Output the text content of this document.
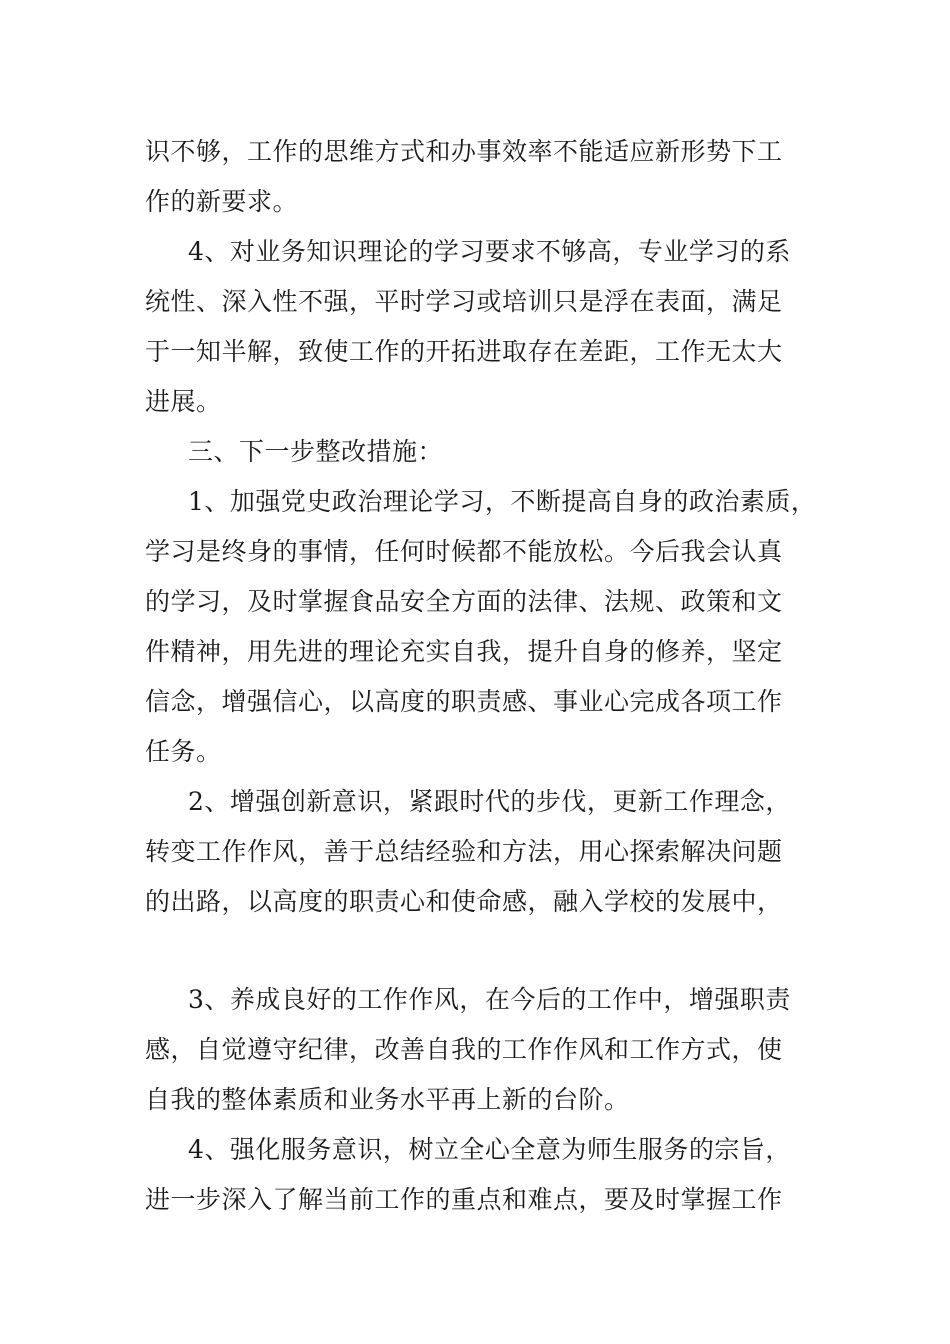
识不够，工作的思维方式和办事效率不能适应新形势下工
作的新要求。
4、对业务知识理论的学习要求不够高，专业学习的系
统性、深入性不强，平时学习或培训只是浮在表面，满足
于一知半解，致使工作的开拓进取存在差距，工作无太大
进展。
三、下一步整改措施：
1、加强党史政治理论学习，不断提高自身的政治素质，
学习是终身的事情，任何时候都不能放松。今后我会认真
的学习，及时掌握食品安全方面的法律、法规、政策和文
件精神，用先进的理论充实自我，提升自身的修养，坚定
信念，增强信心，以高度的职责感、事业心完成各项工作
任务。
2、增强创新意识，紧跟时代的步伐，更新工作理念，
转变工作作风，善于总结经验和方法，用心探索解决问题
的出路，以高度的职责心和使命感，融入学校的发展中，
3、养成良好的工作作风，在今后的工作中，增强职责
感，自觉遵守纪律，改善自我的工作作风和工作方式，使
自我的整体素质和业务水平再上新的台阶。
4、强化服务意识，树立全心全意为师生服务的宗旨，
进一步深入了解当前工作的重点和难点，要及时掌握工作
